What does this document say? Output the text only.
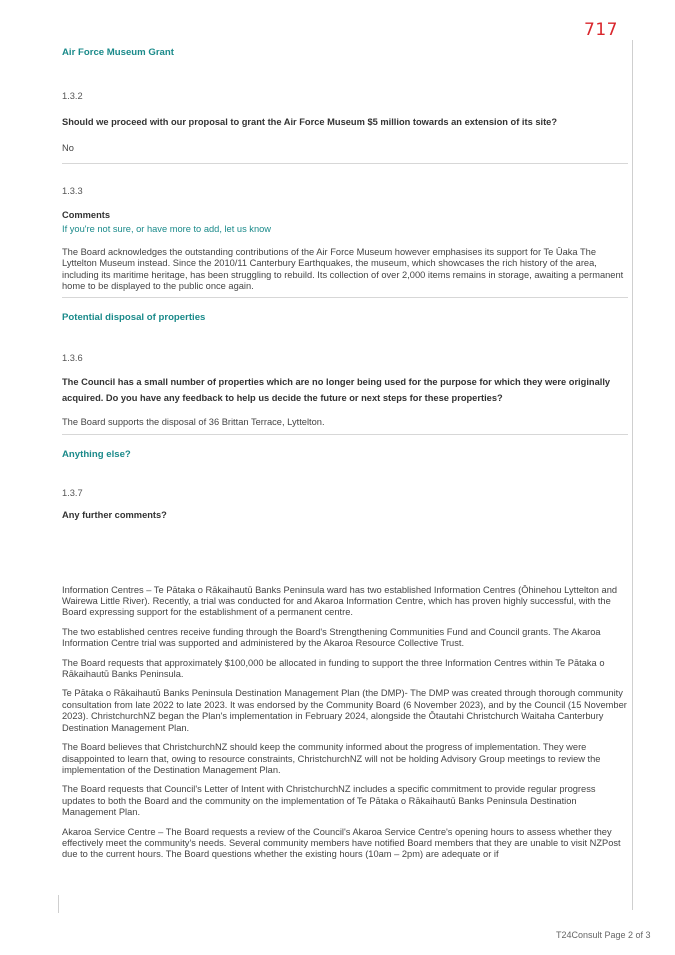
717
Air Force Museum Grant
1.3.2
Should we proceed with our proposal to grant the Air Force Museum $5 million towards an extension of its site?
No
1.3.3
Comments
If you're not sure, or have more to add, let us know

The Board acknowledges the outstanding contributions of the Air Force Museum however emphasises its support for Te Ūaka The Lyttelton Museum instead. Since the 2010/11 Canterbury Earthquakes, the museum, which showcases the rich history of the area, including its maritime heritage, has been struggling to rebuild. Its collection of over 2,000 items remains in storage, awaiting a permanent home to be displayed to the public once again.

Potential disposal of properties
1.3.6
The Council has a small number of properties which are no longer being used for the purpose for which they were originally acquired. Do you have any feedback to help us decide the future or next steps for these properties?
The Board supports the disposal of 36 Brittan Terrace, Lyttelton.
Anything else?
1.3.7
Any further comments?

Information Centres – Te Pātaka o Rākaihautū Banks Peninsula ward has two established Information Centres (Ōhinehou Lyttelton and Wairewa Little River). Recently, a trial was conducted for and Akaroa Information Centre, which has proven highly successful, with the Board expressing support for the establishment of a permanent centre.

The two established centres receive funding through the Board's Strengthening Communities Fund and Council grants. The Akaroa Information Centre trial was supported and administered by the Akaroa Resource Collective Trust.

The Board requests that approximately $100,000 be allocated in funding to support the three Information Centres within Te Pātaka o Rākaihautū Banks Peninsula.

Te Pātaka o Rākaihautū Banks Peninsula Destination Management Plan (the DMP)- The DMP was created through thorough community consultation from late 2022 to late 2023. It was endorsed by the Community Board (6 November 2023), and by the Council (15 November 2023). ChristchurchNZ began the Plan's implementation in February 2024, alongside the Ōtautahi Christchurch Waitaha Canterbury Destination Management Plan.

The Board believes that ChristchurchNZ should keep the community informed about the progress of implementation. They were disappointed to learn that, owing to resource constraints, ChristchurchNZ will not be holding Advisory Group meetings to review the implementation of the Destination Management Plan.

The Board requests that Council's Letter of Intent with ChristchurchNZ includes a specific commitment to provide regular progress updates to both the Board and the community on the implementation of Te Pātaka o Rākaihautū Banks Peninsula Destination Management Plan.

Akaroa Service Centre – The Board requests a review of the Council's Akaroa Service Centre's opening hours to assess whether they effectively meet the community's needs. Several community members have notified Board members that they are unable to visit NZPost due to the current hours. The Board questions whether the existing hours (10am – 2pm) are adequate or if

T24Consult Page 2 of 3
